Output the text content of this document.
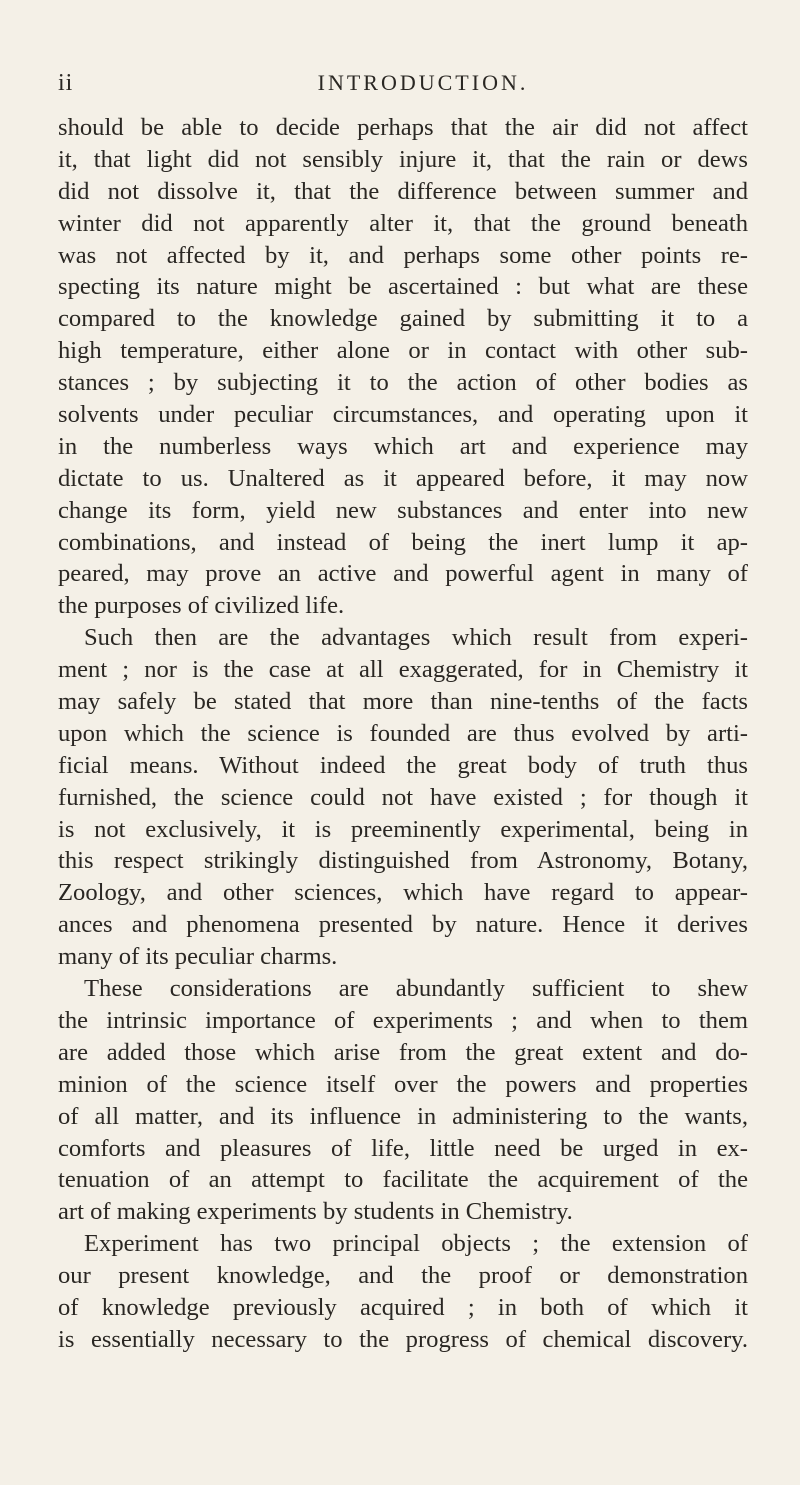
ii	INTRODUCTION.
should be able to decide perhaps that the air did not affect
it, that light did not sensibly injure it, that the rain or dews
did not dissolve it, that the difference between summer and
winter did not apparently alter it, that the ground beneath
was not affected by it, and perhaps some other points re-
specting its nature might be ascertained : but what are these
compared to the knowledge gained by submitting it to a
high temperature, either alone or in contact with other sub-
stances ; by subjecting it to the action of other bodies as
solvents under peculiar circumstances, and operating upon it
in the numberless ways which art and experience may
dictate to us. Unaltered as it appeared before, it may now
change its form, yield new substances and enter into new
combinations, and instead of being the inert lump it ap-
peared, may prove an active and powerful agent in many of
the purposes of civilized life.
Such then are the advantages which result from experi-
ment ; nor is the case at all exaggerated, for in Chemistry it
may safely be stated that more than nine-tenths of the facts
upon which the science is founded are thus evolved by arti-
ficial means. Without indeed the great body of truth thus
furnished, the science could not have existed ; for though it
is not exclusively, it is preeminently experimental, being in
this respect strikingly distinguished from Astronomy, Botany,
Zoology, and other sciences, which have regard to appear-
ances and phenomena presented by nature. Hence it derives
many of its peculiar charms.
These considerations are abundantly sufficient to shew
the intrinsic importance of experiments ; and when to them
are added those which arise from the great extent and do-
minion of the science itself over the powers and properties
of all matter, and its influence in administering to the wants,
comforts and pleasures of life, little need be urged in ex-
tenuation of an attempt to facilitate the acquirement of the
art of making experiments by students in Chemistry.
Experiment has two principal objects ; the extension of
our present knowledge, and the proof or demonstration
of knowledge previously acquired ; in both of which it
is essentially necessary to the progress of chemical discovery.
